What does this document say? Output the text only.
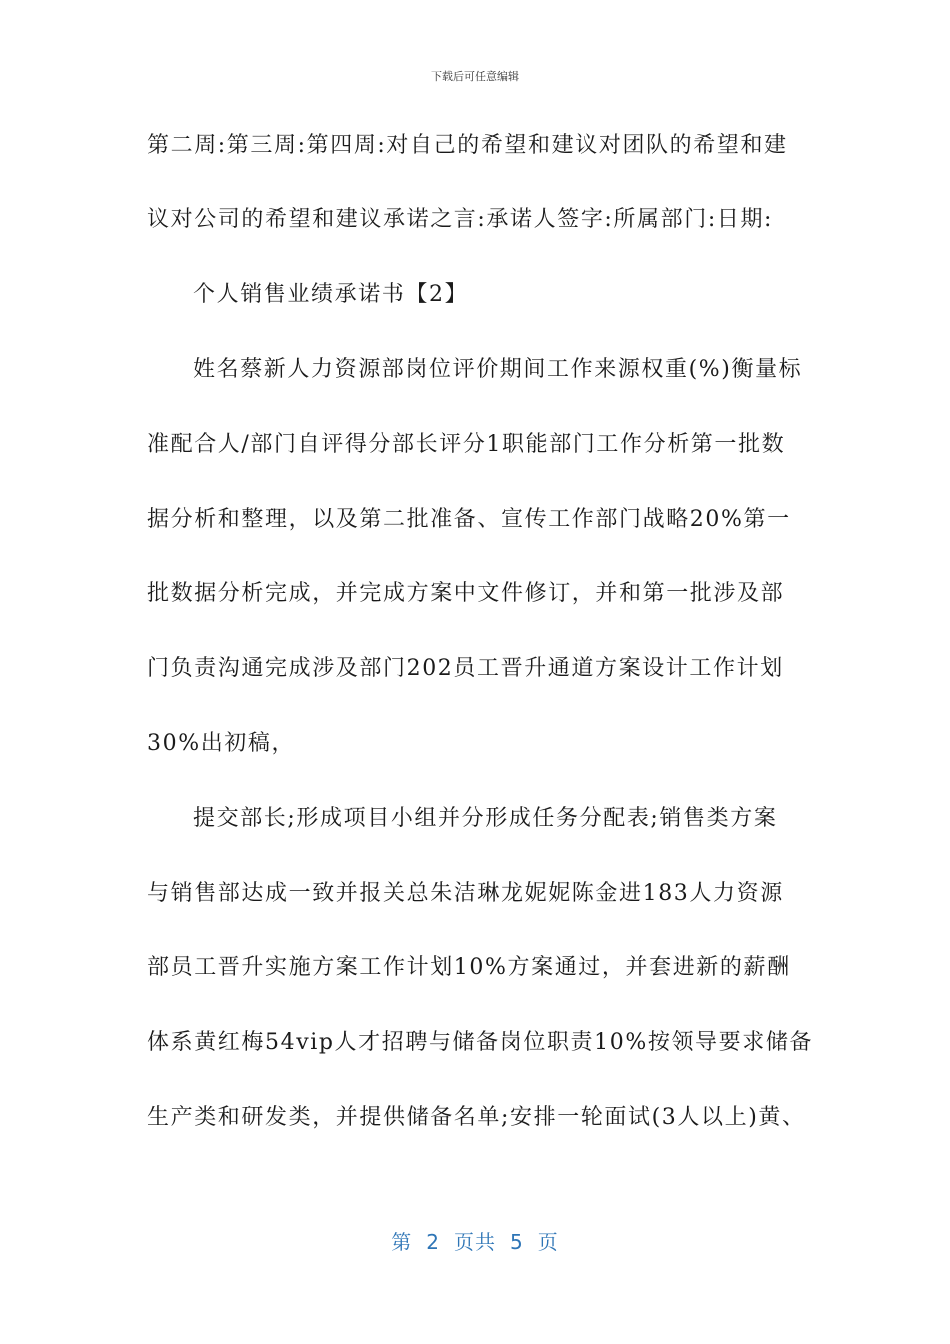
下载后可任意编辑
第二周:第三周:第四周:对自己的希望和建议对团队的希望和建
议对公司的希望和建议承诺之言:承诺人签字:所属部门:日期:
个人销售业绩承诺书【2】
姓名蔡新人力资源部岗位评价期间工作来源权重(%)衡量标
准配合人/部门自评得分部长评分1职能部门工作分析第一批数
据分析和整理，以及第二批准备、宣传工作部门战略20%第一
批数据分析完成，并完成方案中文件修订，并和第一批涉及部
门负责沟通完成涉及部门202员工晋升通道方案设计工作计划
30%出初稿，
提交部长;形成项目小组并分形成任务分配表;销售类方案
与销售部达成一致并报关总朱洁琳龙妮妮陈金进183人力资源
部员工晋升实施方案工作计划10%方案通过，并套进新的薪酬
体系黄红梅54vip人才招聘与储备岗位职责10%按领导要求储备
生产类和研发类，并提供储备名单;安排一轮面试(3人以上)黄、
第 2 页共 5 页
